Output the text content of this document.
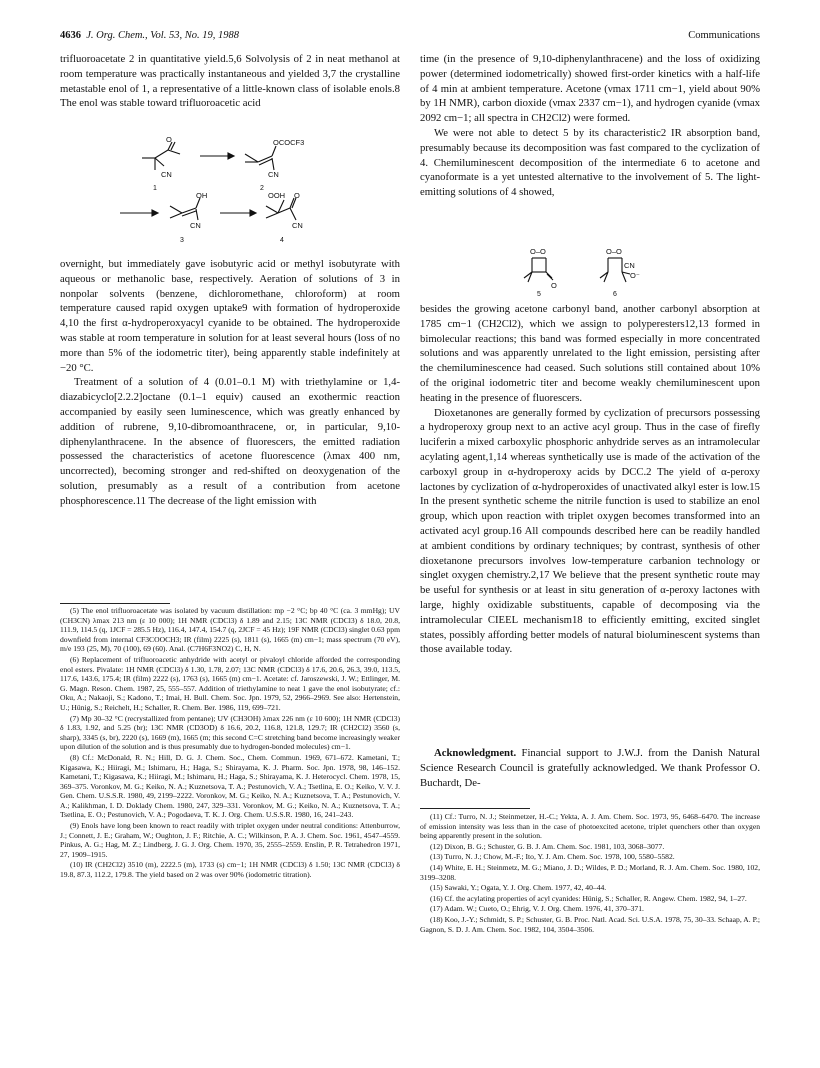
4636 J. Org. Chem., Vol. 53, No. 19, 1988	Communications

trifluoroacetate 2 in quantitative yield.5,6 Solvolysis of 2 in neat methanol at room temperature was practically instantaneous and yielded 3,7 the crystalline metastable enol of 1, a representative of a little-known class of isolable enols.8 The enol was stable toward trifluoroacetic acid

O
CN
1
OCOCF3
CN
2
OH
CN
3
OOH O
CN
4

overnight, but immediately gave isobutyric acid or methyl isobutyrate with aqueous or methanolic base, respectively. Aeration of solutions of 3 in nonpolar solvents (benzene, dichloromethane, chloroform) at room temperature caused rapid oxygen uptake9 with formation of hydroperoxide 4,10 the first α-hydroperoxyacyl cyanide to be obtained. The hydroperoxide was stable at room temperature in solution for at least several hours (loss of no more than 5% of the iodometric titer), being apparently stable indefinitely at −20 °C.

Treatment of a solution of 4 (0.01–0.1 M) with triethylamine or 1,4-diazabicyclo[2.2.2]octane (0.1–1 equiv) caused an exothermic reaction accompanied by easily seen luminescence, which was greatly enhanced by addition of rubrene, 9,10-dibromoanthracene, or, in particular, 9,10-diphenylanthracene. In the absence of fluorescers, the emitted radiation possessed the characteristics of acetone fluorescence (λmax 400 nm, uncorrected), becoming stronger and red-shifted on deoxygenation of the solution, presumably as a result of a contribution from acetone phosphorescence.11 The decrease of the light emission with

(5) The enol trifluoroacetate was isolated by vacuum distillation: mp −2 °C; bp 40 °C (ca. 3 mmHg); UV (CH3CN) λmax 213 nm (ε 10 000); 1H NMR (CDCl3) δ 1.89 and 2.15; 13C NMR (CDCl3) δ 18.0, 20.8, 111.9, 114.5 (q, 1JCF = 285.5 Hz), 116.4, 147.4, 154.7 (q, 2JCF = 45 Hz); 19F NMR (CDCl3) singlet 0.63 ppm downfield from internal CF3COOCH3; IR (film) 2225 (s), 1811 (s), 1665 (m) cm−1; mass spectrum (70 eV), m/e 193 (25, M), 70 (100), 69 (60). Anal. (C7H6F3NO2) C, H, N.

(6) Replacement of trifluoroacetic anhydride with acetyl or pivaloyl chloride afforded the corresponding enol esters. Pivalate: 1H NMR (CDCl3) δ 1.30, 1.78, 2.07; 13C NMR (CDCl3) δ 17.6, 20.6, 26.3, 39.0, 113.5, 117.6, 143.6, 175.4; IR (film) 2222 (s), 1763 (s), 1665 (m) cm−1. Acetate: cf. Jaroszewski, J. W.; Ettlinger, M. G. Magn. Reson. Chem. 1987, 25, 555–557. Addition of triethylamine to neat 1 gave the enol isobutyrate; cf.: Oku, A.; Nakaoji, S.; Kadono, T.; Imai, H. Bull. Chem. Soc. Jpn. 1979, 52, 2966–2969. See also: Hertenstein, U.; Hünig, S.; Reichelt, H.; Schaller, R. Chem. Ber. 1986, 119, 699–721.

(7) Mp 30–32 °C (recrystallized from pentane); UV (CH3OH) λmax 226 nm (ε 10 600); 1H NMR (CDCl3) δ 1.83, 1.92, and 5.25 (br); 13C NMR (CD3OD) δ 16.6, 20.2, 116.8, 121.8, 129.7; IR (CH2Cl2) 3560 (s, sharp), 3345 (s, br), 2220 (s), 1669 (m), 1665 (m; this second C=C stretching band become increasingly weaker upon dilution of the solution and is thus presumably due to hydrogen-bonded molecules) cm−1.

(8) Cf.: McDonald, R. N.; Hill, D. G. J. Chem. Soc., Chem. Commun. 1969, 671–672. Kametani, T.; Kigasawa, K.; Hiiragi, M.; Ishimaru, H.; Haga, S.; Shirayama, K. J. Pharm. Soc. Jpn. 1978, 98, 146–152. Kametani, T.; Kigasawa, K.; Hiiragi, M.; Ishimaru, H.; Haga, S.; Shirayama, K. J. Heterocycl. Chem. 1978, 15, 369–375. Voronkov, M. G.; Keiko, N. A.; Kuznetsova, T. A.; Pestunovich, V. A.; Tsetlina, E. O.; Keiko, V. V. J. Gen. Chem. U.S.S.R. 1980, 49, 2199–2222. Voronkov, M. G.; Keiko, N. A.; Kuznetsova, T. A.; Pestunovich, V. A.; Kalikhman, I. D. Doklady Chem. 1980, 247, 329–331. Voronkov, M. G.; Keiko, N. A.; Kuznetsova, T. A.; Tsetlina, E. O.; Pestunovich, V. A.; Pogodaeva, T. K. J. Org. Chem. U.S.S.R. 1980, 16, 241–243.

(9) Enols have long been known to react readily with triplet oxygen under neutral conditions: Attenburrow, J.; Connett, J. E.; Graham, W.; Oughton, J. F.; Ritchie, A. C.; Wilkinson, P. A. J. Chem. Soc. 1961, 4547–4559. Pinkus, A. G.; Hag, M. Z.; Lindberg, J. G. J. Org. Chem. 1970, 35, 2555–2559. Enslin, P. R. Tetrahedron 1971, 27, 1909–1915.

(10) IR (CH2Cl2) 3510 (m), 2222.5 (m), 1733 (s) cm−1; 1H NMR (CDCl3) δ 1.50; 13C NMR (CDCl3) δ 19.8, 87.3, 112.2, 179.8. The yield based on 2 was over 90% (iodometric titration).

time (in the presence of 9,10-diphenylanthracene) and the loss of oxidizing power (determined iodometrically) showed first-order kinetics with a half-life of 4 min at ambient temperature. Acetone (νmax 1711 cm−1, yield about 90% by 1H NMR), carbon dioxide (νmax 2337 cm−1), and hydrogen cyanide (νmax 2092 cm−1; all spectra in CH2Cl2) were formed.

We were not able to detect 5 by its characteristic2 IR absorption band, presumably because its decomposition was fast compared to the cyclization of 4. Chemiluminescent decomposition of the intermediate 6 to acetone and cyanoformate is a yet untested alternative to the involvement of 5. The light-emitting solutions of 4 showed,

O–O
O
5
O–O
CN
O⁻
6

besides the growing acetone carbonyl band, another carbonyl absorption at 1785 cm−1 (CH2Cl2), which we assign to polyperesters12,13 formed in bimolecular reactions; this band was formed especially in more concentrated solutions and was apparently unrelated to the light emission, persisting after the chemiluminescence had ceased. Such solutions still contained about 10% of the original iodometric titer and become weakly chemiluminescent upon heating in the presence of fluorescers.

Dioxetanones are generally formed by cyclization of precursors possessing a hydroperoxy group next to an active acyl group. Thus in the case of firefly luciferin a mixed carboxylic phosphoric anhydride serves as an intramolecular acylating agent,1,14 whereas synthetically use is made of the activation of the carboxyl group in α-hydroperoxy acids by DCC.2 The yield of α-peroxy lactones by cyclization of α-hydroperoxides of unactivated alkyl ester is low.15 In the present synthetic scheme the nitrile function is used to stabilize an enol group, which upon reaction with triplet oxygen becomes transformed into an activated acyl group.16 All compounds described here can be readily handled at ambient conditions by ordinary techniques; by contrast, synthesis of other dioxetanone precursors involves low-temperature carbanion technology or singlet oxygen chemistry.2,17 We believe that the present synthetic route may be useful for synthesis or at least in situ generation of α-peroxy lactones with large, highly oxidizable substituents, capable of decomposing via the intramolecular CIEEL mechanism18 to efficiently emitting, excited singlet states, possibly affording better models of natural bioluminescent systems than those available today.

Acknowledgment. Financial support to J.W.J. from the Danish Natural Science Research Council is gratefully acknowledged. We thank Professor O. Buchardt, De-

(11) Cf.: Turro, N. J.; Steinmetzer, H.-C.; Yekta, A. J. Am. Chem. Soc. 1973, 95, 6468–6470. The increase of emission intensity was less than in the case of photoexcited acetone, triplet quenchers other than oxygen being apparently present in the solution.

(12) Dixon, B. G.; Schuster, G. B. J. Am. Chem. Soc. 1981, 103, 3068–3077.

(13) Turro, N. J.; Chow, M.-F.; Ito, Y. J. Am. Chem. Soc. 1978, 100, 5580–5582.

(14) White, E. H.; Steinmetz, M. G.; Miano, J. D.; Wildes, P. D.; Morland, R. J. Am. Chem. Soc. 1980, 102, 3199–3208.

(15) Sawaki, Y.; Ogata, Y. J. Org. Chem. 1977, 42, 40–44.

(16) Cf. the acylating properties of acyl cyanides: Hünig, S.; Schaller, R. Angew. Chem. 1982, 94, 1–27.

(17) Adam. W.; Cueto, O.; Ehrig, V. J. Org. Chem. 1976, 41, 370–371.

(18) Koo, J.-Y.; Schmidt, S. P.; Schuster, G. B. Proc. Natl. Acad. Sci. U.S.A. 1978, 75, 30–33. Schaap, A. P.; Gagnon, S. D. J. Am. Chem. Soc. 1982, 104, 3504–3506.
